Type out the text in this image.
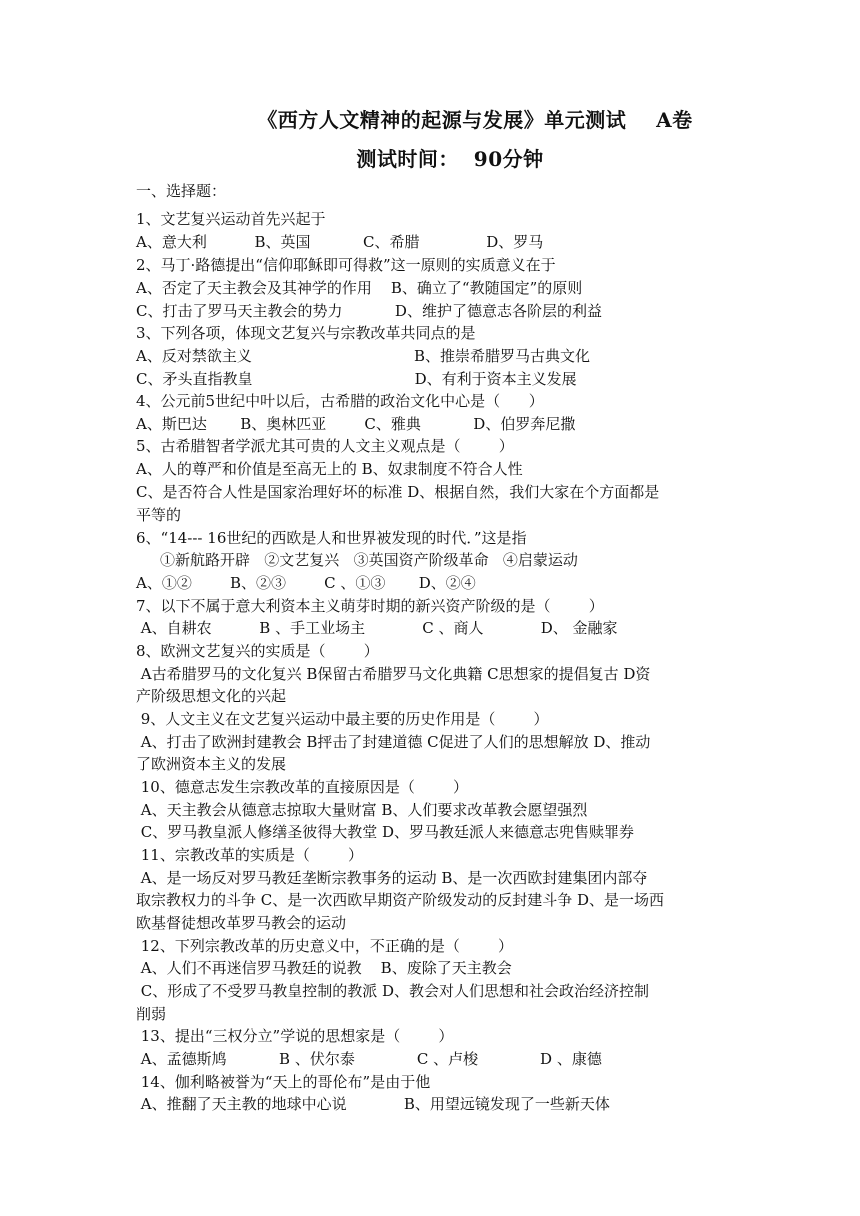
《西方人文精神的起源与发展》单元测试    A卷
测试时间：  90分钟
一、选择题：
1、文艺复兴运动首先兴起于
A、意大利          B、英国           C、希腊              D、罗马
2、马丁·路德提出“信仰耶稣即可得救”这一原则的实质意义在于
A、否定了天主教会及其神学的作用    B、确立了“教随国定”的原则
C、打击了罗马天主教会的势力           D、维护了德意志各阶层的利益
3、下列各项，体现文艺复兴与宗教改革共同点的是
A、反对禁欲主义                                  B、推崇希腊罗马古典文化
C、矛头直指教皇                                  D、有利于资本主义发展
4、公元前5世纪中叶以后，古希腊的政治文化中心是（      ）
A、斯巴达       B、奥林匹亚        C、雅典           D、伯罗奔尼撒
5、古希腊智者学派尤其可贵的人文主义观点是（        ）
A、人的尊严和价值是至高无上的 B、奴隶制度不符合人性
C、是否符合人性是国家治理好坏的标准 D、根据自然，我们大家在个方面都是
平等的
6、“14--- 16世纪的西欧是人和世界被发现的时代．”这是指
①新航路开辟   ②文艺复兴   ③英国资产阶级革命   ④启蒙运动
A、①②        B、②③        C 、①③       D、②④
7、以下不属于意大利资本主义萌芽时期的新兴资产阶级的是（        ）
A、自耕农          B 、手工业场主            C 、商人            D、 金融家
8、欧洲文艺复兴的实质是（        ）
A古希腊罗马的文化复兴 B保留古希腊罗马文化典籍 C思想家的提倡复古 D资
产阶级思想文化的兴起
9、人文主义在文艺复兴运动中最主要的历史作用是（        ）
A、打击了欧洲封建教会 B抨击了封建道德 C促进了人们的思想解放 D、推动
了欧洲资本主义的发展
10、德意志发生宗教改革的直接原因是（        ）
A、天主教会从德意志掠取大量财富 B、人们要求改革教会愿望强烈
C、罗马教皇派人修缮圣彼得大教堂 D、罗马教廷派人来德意志兜售赎罪券
11、宗教改革的实质是（        ）
A、是一场反对罗马教廷垄断宗教事务的运动 B、是一次西欧封建集团内部夺
取宗教权力的斗争 C、是一次西欧早期资产阶级发动的反封建斗争 D、是一场西
欧基督徒想改革罗马教会的运动
12、下列宗教改革的历史意义中，不正确的是（        ）
A、人们不再迷信罗马教廷的说教    B、废除了天主教会
C、形成了不受罗马教皇控制的教派 D、教会对人们思想和社会政治经济控制
削弱
13、提出“三权分立”学说的思想家是（        ）
A、孟德斯鸠           B 、伏尔泰             C 、卢梭             D 、康德
14、伽利略被誉为“天上的哥伦布”是由于他
A、推翻了天主教的地球中心说            B、用望远镜发现了一些新天体
